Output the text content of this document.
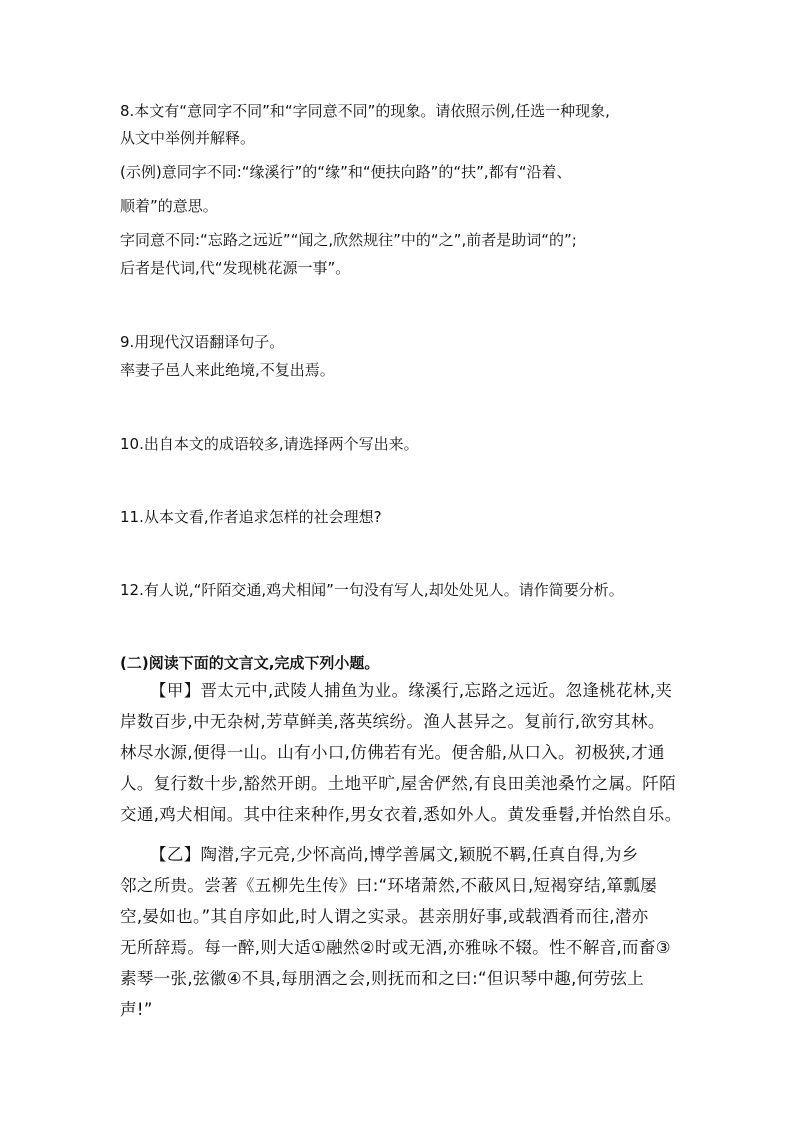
8.本文有“意同字不同”和“字同意不同”的现象。请依照示例,任选一种现象,
从文中举例并解释。
(示例)意同字不同:“缘溪行”的“缘”和“便扶向路”的“扶”,都有“沿着、
顺着”的意思。
字同意不同:“忘路之远近”“闻之,欣然规往”中的“之”,前者是助词“的”;
后者是代词,代“发现桃花源一事”。
9.用现代汉语翻译句子。
率妻子邑人来此绝境,不复出焉。
10.出自本文的成语较多,请选择两个写出来。
11.从本文看,作者追求怎样的社会理想?
12.有人说,“阡陌交通,鸡犬相闻”一句没有写人,却处处见人。请作简要分析。
(二)阅读下面的文言文,完成下列小题。
【甲】晋太元中,武陵人捕鱼为业。缘溪行,忘路之远近。忽逢桃花林,夹
岸数百步,中无杂树,芳草鲜美,落英缤纷。渔人甚异之。复前行,欲穷其林。
林尽水源,便得一山。山有小口,仿佛若有光。便舍船,从口入。初极狭,才通
人。复行数十步,豁然开朗。土地平旷,屋舍俨然,有良田美池桑竹之属。阡陌
交通,鸡犬相闻。其中往来种作,男女衣着,悉如外人。黄发垂髫,并怡然自乐。
【乙】陶潜,字元亮,少怀高尚,博学善属文,颖脱不羁,任真自得,为乡
邻之所贵。尝著《五柳先生传》曰:“环堵萧然,不蔽风日,短褐穿结,箪瓢屡
空,晏如也。”其自序如此,时人谓之实录。甚亲朋好事,或载酒肴而往,潜亦
无所辞焉。每一醉,则大适①融然②时或无酒,亦雅咏不辍。性不解音,而畜③
素琴一张,弦徽④不具,每朋酒之会,则抚而和之曰:“但识琴中趣,何劳弦上
声!”
